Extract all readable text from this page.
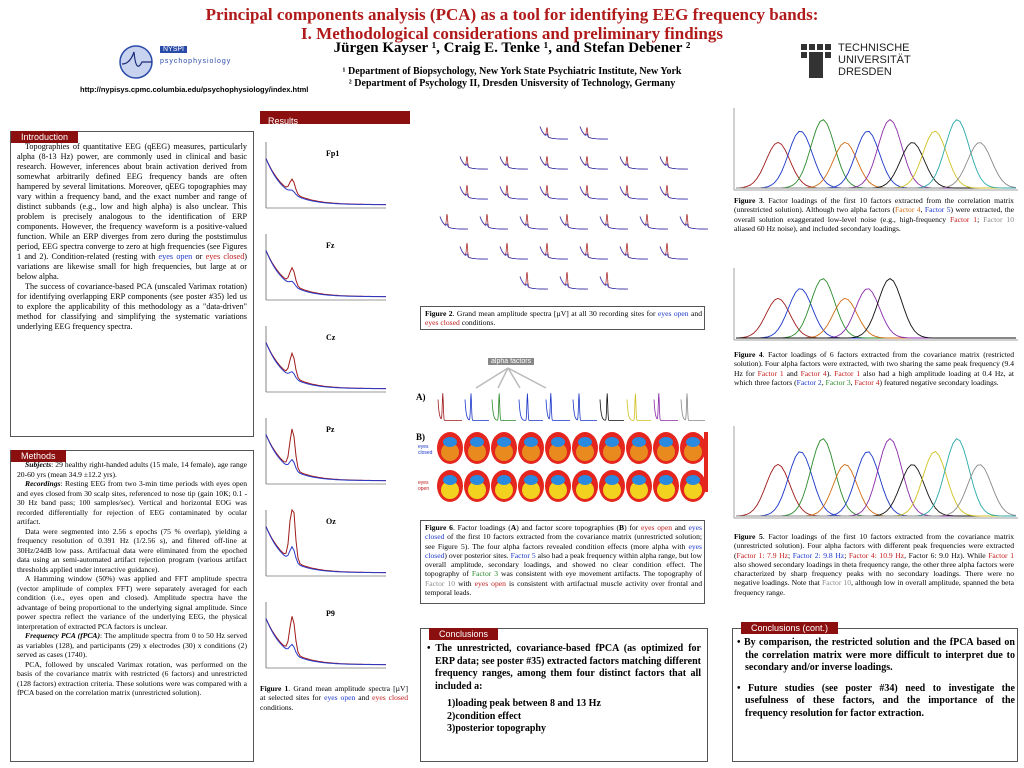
Principal components analysis (PCA) as a tool for identifying EEG frequency bands:
I. Methodological considerations and preliminary findings
Jürgen Kayser ¹, Craig E. Tenke ¹, and Stefan Debener ²
¹ Department of Biopsychology, New York State Psychiatric Institute, New York
² Department of Psychology II, Dresden Unisversity of Technology, Germany
NYSPI
psychophysiology
http://nypisys.cpmc.columbia.edu/psychophysiology/index.html
TECHNISCHE
UNIVERSITÄT
DRESDEN
Introduction
Topographies of quantitative EEG (qEEG) measures, particularly alpha (8-13 Hz) power, are commonly used in clinical and basic research. However, inferences about brain activation derived from somewhat arbitrarily defined EEG frequency bands are often hampered by several limitations. Moreover, qEEG topographies may vary within a frequency band, and the exact number and range of distinct subbands (e.g., low and high alpha) is also unclear. This problem is precisely analogous to the identification of ERP components. However, the frequency waveform is a positive-valued function. While an ERP diverges from zero during the poststimulus period, EEG spectra converge to zero at high frequencies (see Figures 1 and 2). Condition-related (resting with eyes open or eyes closed) variations are likewise small for high frequencies, but large at or below alpha.
The success of covariance-based PCA (unscaled Varimax rotation) for identifying overlapping ERP components (see poster #35) led us to explore the applicability of this methodology as a "data-driven" method for classifying and simplifying the systematic variations underlying EEG frequency spectra.
Methods
Subjects: 29 healthy right-handed adults (15 male, 14 female), age range 20-60 yrs (mean 34.9 ±12.2 yrs).
Recordings: Resting EEG from two 3-min time periods with eyes open and eyes closed from 30 scalp sites, referenced to nose tip (gain 10K; 0.1 - 30 Hz band pass; 100 samples/sec). Vertical and horizontal EOG was recorded differentially for rejection of EEG contaminated by ocular artifact.
Data were segmented into 2.56 s epochs (75 % overlap), yielding a frequency resolution of 0.391 Hz (1/2.56 s), and filtered off-line at 30Hz/24dB low pass. Artifactual data were eliminated from the epoched data using an semi-automated artifact rejection program (various artifact thresholds applied under interactive guidance).
A Hamming window (50%) was applied and FFT amplitude spectra (vector amplitude of complex FFT) were separately averaged for each condition (i.e., eyes open and closed). Amplitude spectra have the advantage of being proportional to the underlying signal amplitude. Since power spectra reflect the variance of the underlying EEG, the physical interpretation of extracted PCA factors is unclear.
Frequency PCA (fPCA): The amplitude spectra from 0 to 50 Hz served as variables (128), and participants (29) x electrodes (30) x conditions (2) served as cases (1740).
PCA, followed by unscaled Varimax rotation, was performed on the basis of the covariance matrix with restricted (6 factors) and unrestricted (128 factors) extraction criteria. These solutions were was compared with a fPCA based on the correlation matrix (unrestricted solution).
Results
Fp1
Fz
Cz
Pz
Oz
P9
Figure 1. Grand mean amplitude spectra [µV] at selected sites for eyes open and eyes closed conditions.
Figure 2. Grand mean amplitude spectra [µV] at all 30 recording sites for eyes open and eyes closed conditions.
alpha factors
A)
B)
eyes closed
eyes open
Figure 6. Factor loadings (A) and factor score topographies (B) for eyes open and eyes closed of the first 10 factors extracted from the covariance matrix (unrestricted solution; see Figure 5). The four alpha factors revealed condition effects (more alpha with eyes closed) over posterior sites. Factor 5 also had a peak frequency within alpha range, but low overall amplitude, secondary loadings, and showed no clear condition effect. The topography of Factor 3 was consistent with eye movement artifacts. The topography of Factor 10 with eyes open is consistent with artifactual muscle activity over frontal and temporal leads.
Conclusions
• The unrestricted, covariance-based fPCA (as optimized for ERP data; see poster #35) extracted factors matching different frequency ranges, among them four distinct factors that all included a:
1)loading peak between 8 and 13 Hz
2)condition effect
3)posterior topography
Figure 3. Factor loadings of the first 10 factors extracted from the correlation matrix (unrestricted solution). Although two alpha factors (Factor 4, Factor 5) were extracted, the overall solution exaggerated low-level noise (e.g., high-frequency Factor 1; Factor 10 aliased 60 Hz noise), and included secondary loadings.
Figure 4. Factor loadings of 6 factors extracted from the covariance matrix (restricted solution). Four alpha factors were extracted, with two sharing the same peak frequency (9.4 Hz for Factor 1 and Factor 4). Factor 1 also had a high amplitude loading at 0.4 Hz, at which three factors (Factor 2, Factor 3, Factor 4) featured negative secondary loadings.
Figure 5. Factor loadings of the first 10 factors extracted from the covariance matrix (unrestricted solution). Four alpha factors with different peak frequencies were extracted (Factor 1: 7.9 Hz; Factor 2: 9.8 Hz; Factor 4: 10.9 Hz, Factor 6: 9.0 Hz). While Factor 1 also showed secondary loadings in theta frequency range, the other three alpha factors were characterized by sharp frequency peaks with no secondary loadings. There were no negative loadings. Note that Factor 10, although low in overall amplitude, spanned the beta frequency range.
Conclusions (cont.)
• By comparison, the restricted solution and the fPCA based on the correlation matrix were more difficult to interpret due to secondary and/or inverse loadings.
• Future studies (see poster #34) need to investigate the usefulness of these factors, and the importance of the frequency resolution for factor extraction.
